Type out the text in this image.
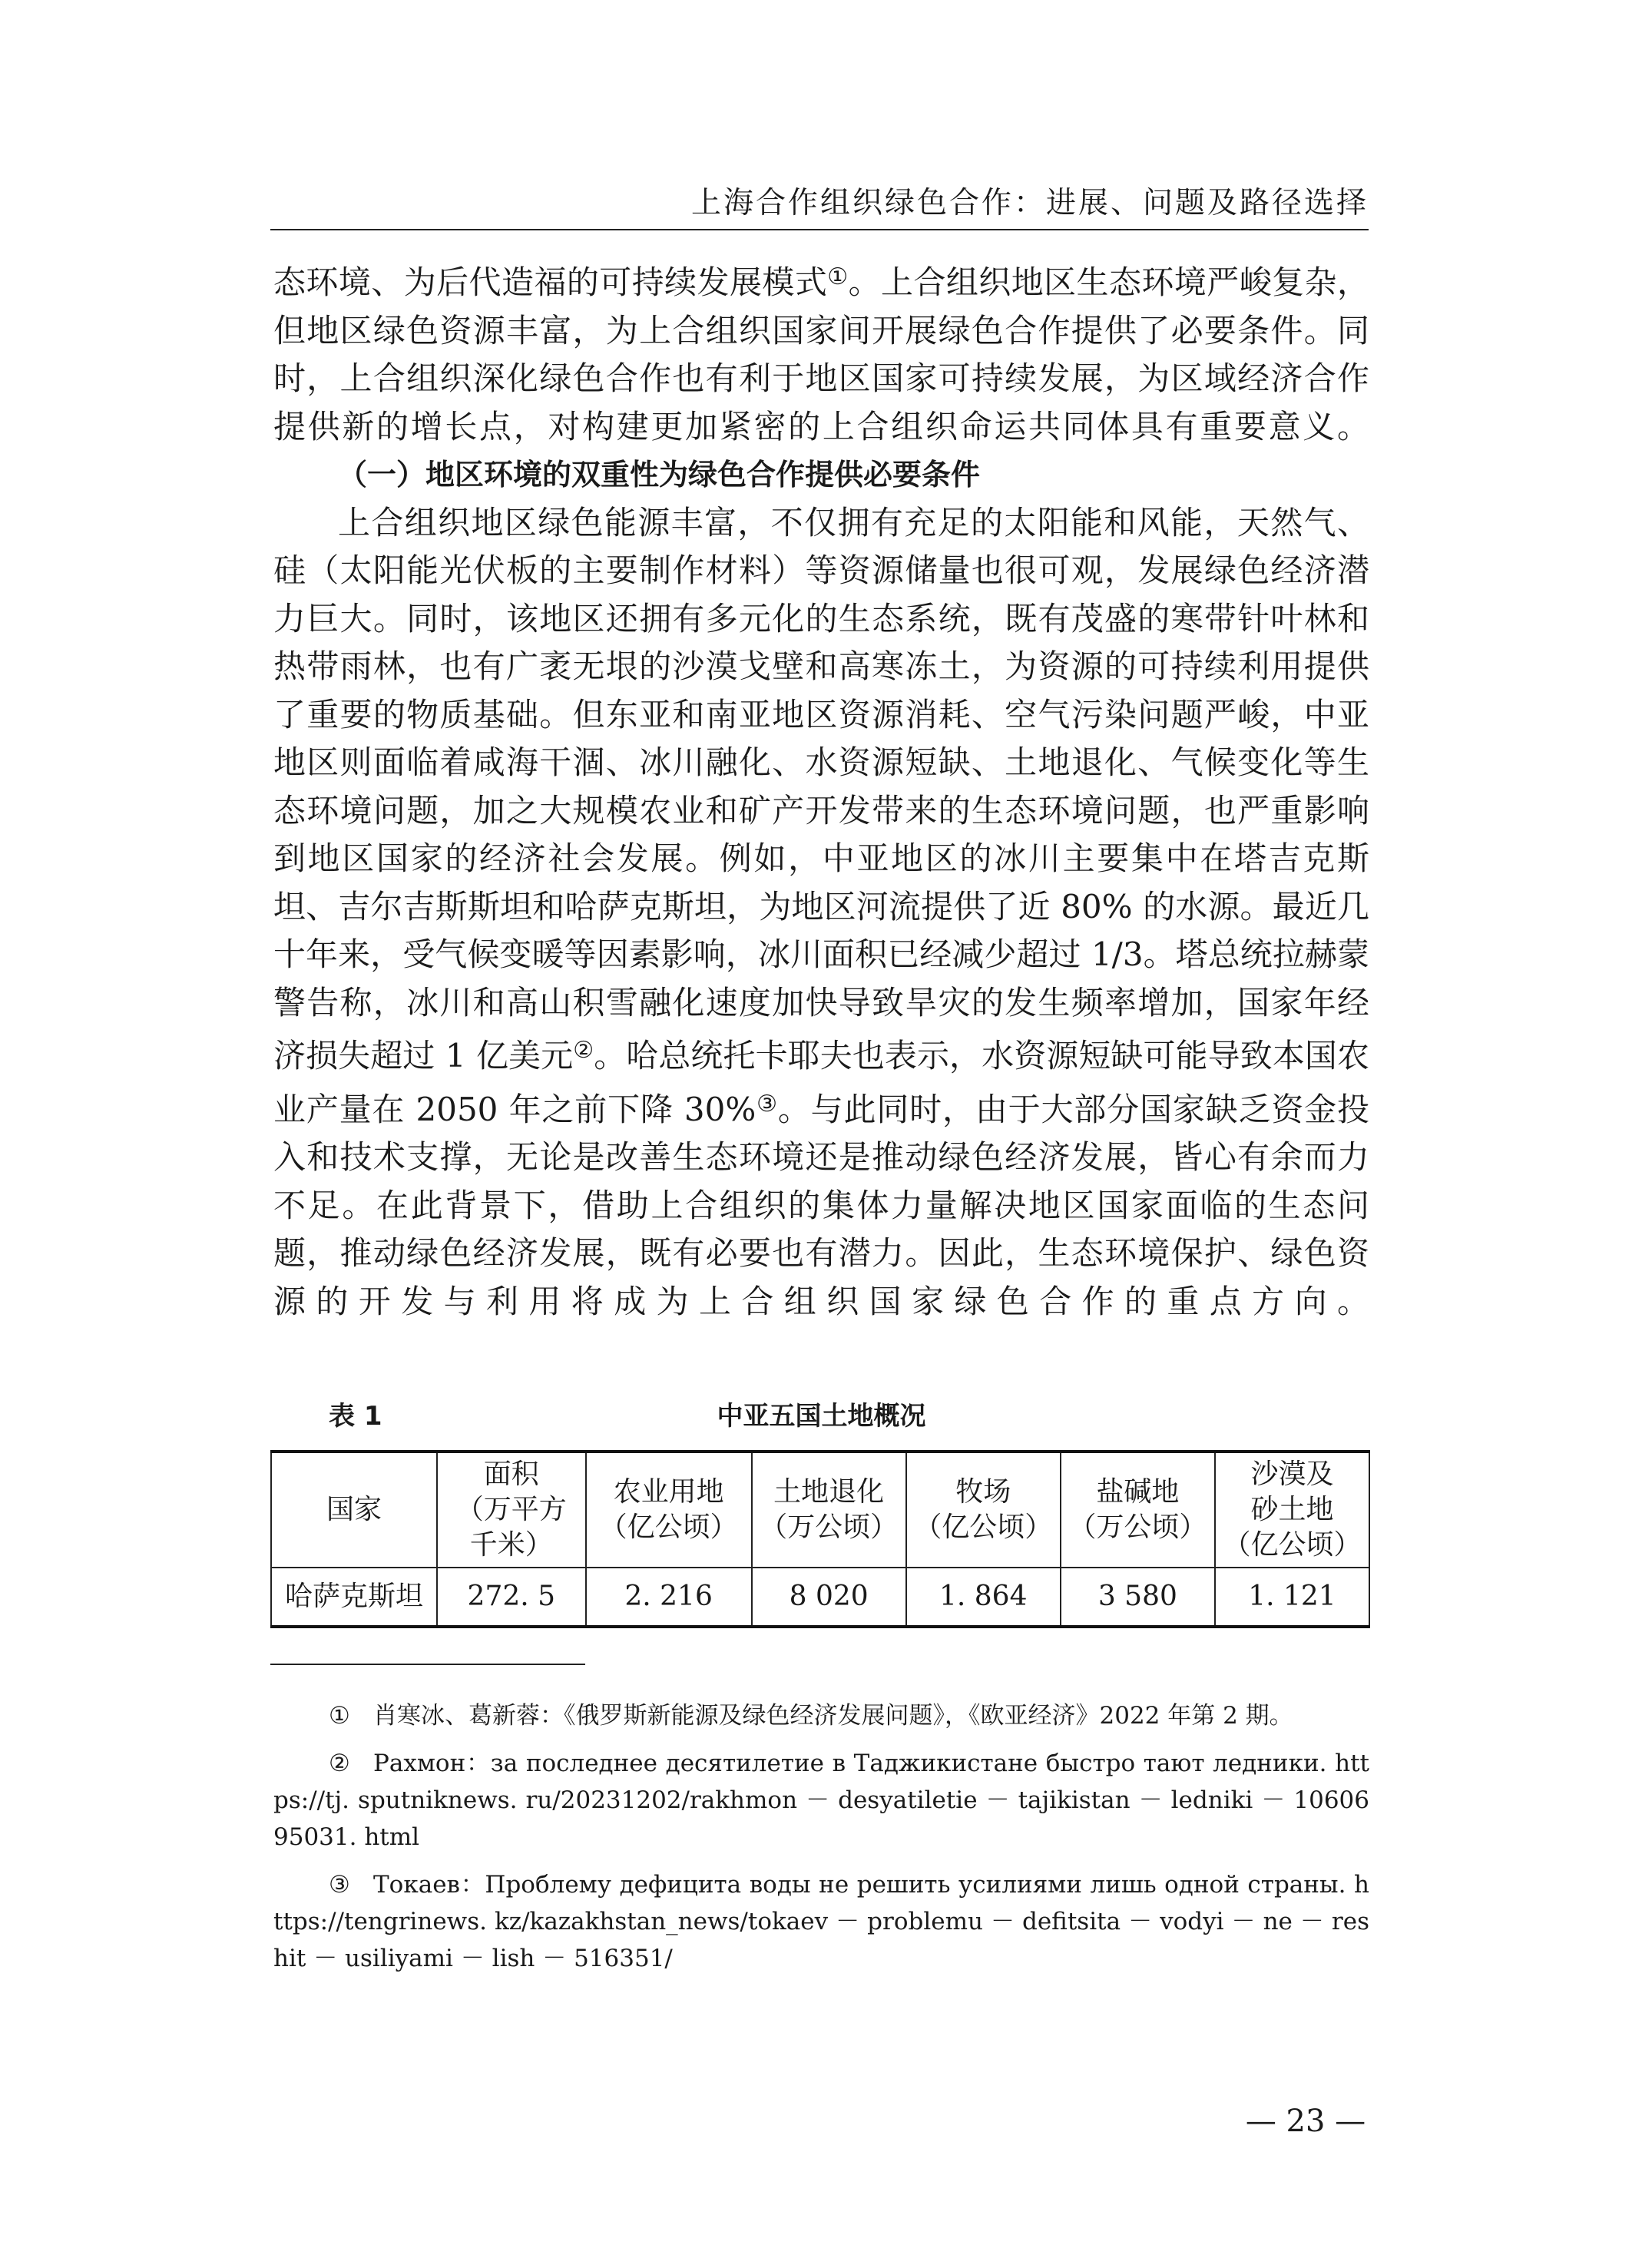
上海合作组织绿色合作：进展、问题及路径选择

态环境、为后代造福的可持续发展模式①。上合组织地区生态环境严峻复杂，但地区绿色资源丰富，为上合组织国家间开展绿色合作提供了必要条件。同时，上合组织深化绿色合作也有利于地区国家可持续发展，为区域经济合作提供新的增长点，对构建更加紧密的上合组织命运共同体具有重要意义。

（一）地区环境的双重性为绿色合作提供必要条件

上合组织地区绿色能源丰富，不仅拥有充足的太阳能和风能，天然气、硅（太阳能光伏板的主要制作材料）等资源储量也很可观，发展绿色经济潜力巨大。同时，该地区还拥有多元化的生态系统，既有茂盛的寒带针叶林和热带雨林，也有广袤无垠的沙漠戈壁和高寒冻土，为资源的可持续利用提供了重要的物质基础。但东亚和南亚地区资源消耗、空气污染问题严峻，中亚地区则面临着咸海干涸、冰川融化、水资源短缺、土地退化、气候变化等生态环境问题，加之大规模农业和矿产开发带来的生态环境问题，也严重影响到地区国家的经济社会发展。例如，中亚地区的冰川主要集中在塔吉克斯坦、吉尔吉斯斯坦和哈萨克斯坦，为地区河流提供了近 80% 的水源。最近几十年来，受气候变暖等因素影响，冰川面积已经减少超过 1/3。塔总统拉赫蒙警告称，冰川和高山积雪融化速度加快导致旱灾的发生频率增加，国家年经济损失超过 1 亿美元②。哈总统托卡耶夫也表示，水资源短缺可能导致本国农业产量在 2050 年之前下降 30%③。与此同时，由于大部分国家缺乏资金投入和技术支撑，无论是改善生态环境还是推动绿色经济发展，皆心有余而力不足。在此背景下，借助上合组织的集体力量解决地区国家面临的生态问题，推动绿色经济发展，既有必要也有潜力。因此，生态环境保护、绿色资源的开发与利用将成为上合组织国家绿色合作的重点方向。

表 1	中亚五国土地概况
国家	面积
（万平方
千米）	农业用地
（亿公顷）	土地退化
（万公顷）	牧场
（亿公顷）	盐碱地
（万公顷）	沙漠及
砂土地
（亿公顷）
哈萨克斯坦	272. 5	2. 216	8 020	1. 864	3 580	1. 121

① 肖寒冰、葛新蓉：《俄罗斯新能源及绿色经济发展问题》，《欧亚经济》2022 年第 2 期。

② Рахмон：за последнее десятилетие в Таджикистане быстро тают ледники. https://tj. sputniknews. ru/20231202/rakhmon － desyatiletie － tajikistan － ledniki － 1060695031. html

③ Токаев：Проблему дефицита воды не решить усилиями лишь одной страны. https://tengrinews. kz/kazakhstan_news/tokaev － problemu － defitsita － vodyi － ne － reshit － usiliyami － lish － 516351/

— 23 —
